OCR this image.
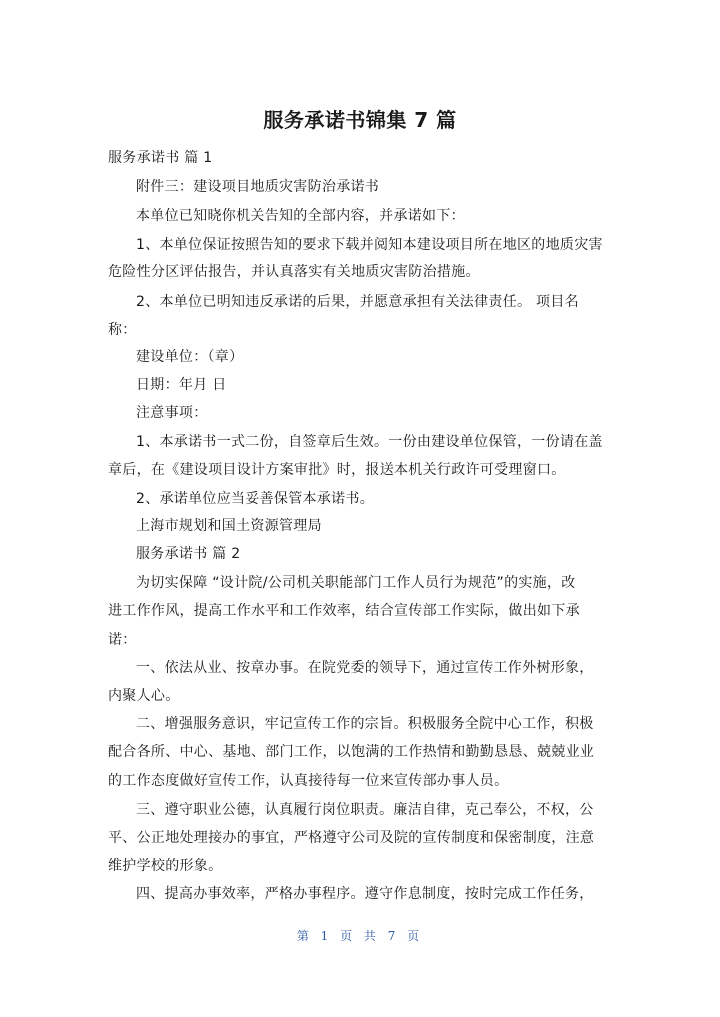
服务承诺书锦集 7 篇
服务承诺书 篇 1
附件三：建设项目地质灾害防治承诺书
本单位已知晓你机关告知的全部内容，并承诺如下：
1、本单位保证按照告知的要求下载并阅知本建设项目所在地区的地质灾害
危险性分区评估报告，并认真落实有关地质灾害防治措施。
2、本单位已明知违反承诺的后果，并愿意承担有关法律责任。 项目名
称：
建设单位：（章）
日期：年月 日
注意事项：
1、本承诺书一式二份，自签章后生效。一份由建设单位保管，一份请在盖
章后，在《建设项目设计方案审批》时，报送本机关行政许可受理窗口。
2、承诺单位应当妥善保管本承诺书。
上海市规划和国土资源管理局
服务承诺书 篇 2
为切实保障 “设计院/公司机关职能部门工作人员行为规范”的实施，改
进工作作风，提高工作水平和工作效率，结合宣传部工作实际，做出如下承
诺：
一、依法从业、按章办事。在院党委的领导下，通过宣传工作外树形象，
内聚人心。
二、增强服务意识，牢记宣传工作的宗旨。积极服务全院中心工作，积极
配合各所、中心、基地、部门工作，以饱满的工作热情和勤勤恳恳、兢兢业业
的工作态度做好宣传工作，认真接待每一位来宣传部办事人员。
三、遵守职业公德，认真履行岗位职责。廉洁自律，克己奉公，不权，公
平、公正地处理接办的事宜，严格遵守公司及院的宣传制度和保密制度，注意
维护学校的形象。
四、提高办事效率，严格办事程序。遵守作息制度，按时完成工作任务，
第 1 页 共 7 页
